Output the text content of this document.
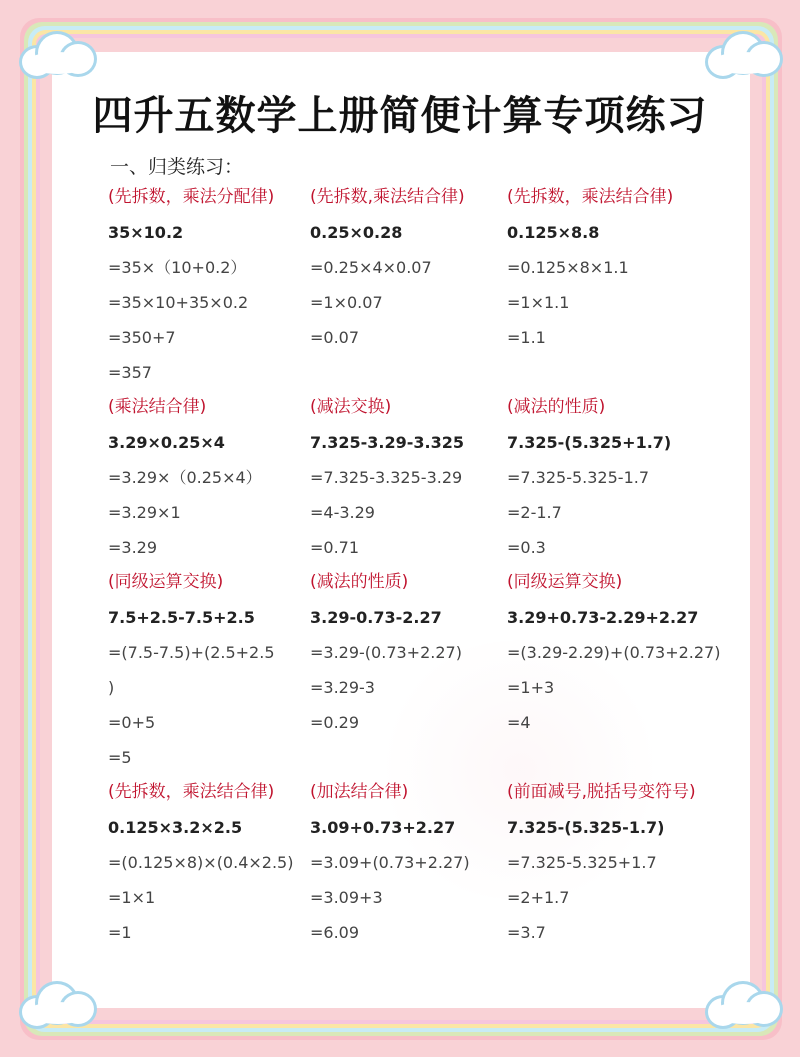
四升五数学上册简便计算专项练习
一、归类练习：
(先拆数，乘法分配律)
35×10.2
=35×（10+0.2）
=35×10+35×0.2
=350+7
=357
(先拆数,乘法结合律)
0.25×0.28
=0.25×4×0.07
=1×0.07
=0.07
(先拆数，乘法结合律)
0.125×8.8
=0.125×8×1.1
=1×1.1
=1.1
(乘法结合律)
3.29×0.25×4
=3.29×（0.25×4）
=3.29×1
=3.29
(减法交换)
7.325-3.29-3.325
=7.325-3.325-3.29
=4-3.29
=0.71
(减法的性质)
7.325-(5.325+1.7)
=7.325-5.325-1.7
=2-1.7
=0.3
(同级运算交换)
7.5+2.5-7.5+2.5
=(7.5-7.5)+(2.5+2.5
)
=0+5
=5
(减法的性质)
3.29-0.73-2.27
=3.29-(0.73+2.27)
=3.29-3
=0.29
(同级运算交换)
3.29+0.73-2.29+2.27
=(3.29-2.29)+(0.73+2.27)
=1+3
=4
(先拆数，乘法结合律)
0.125×3.2×2.5
=(0.125×8)×(0.4×2.5)
=1×1
=1
(加法结合律)
3.09+0.73+2.27
=3.09+(0.73+2.27)
=3.09+3
=6.09
(前面减号,脱括号变符号)
7.325-(5.325-1.7)
=7.325-5.325+1.7
=2+1.7
=3.7
